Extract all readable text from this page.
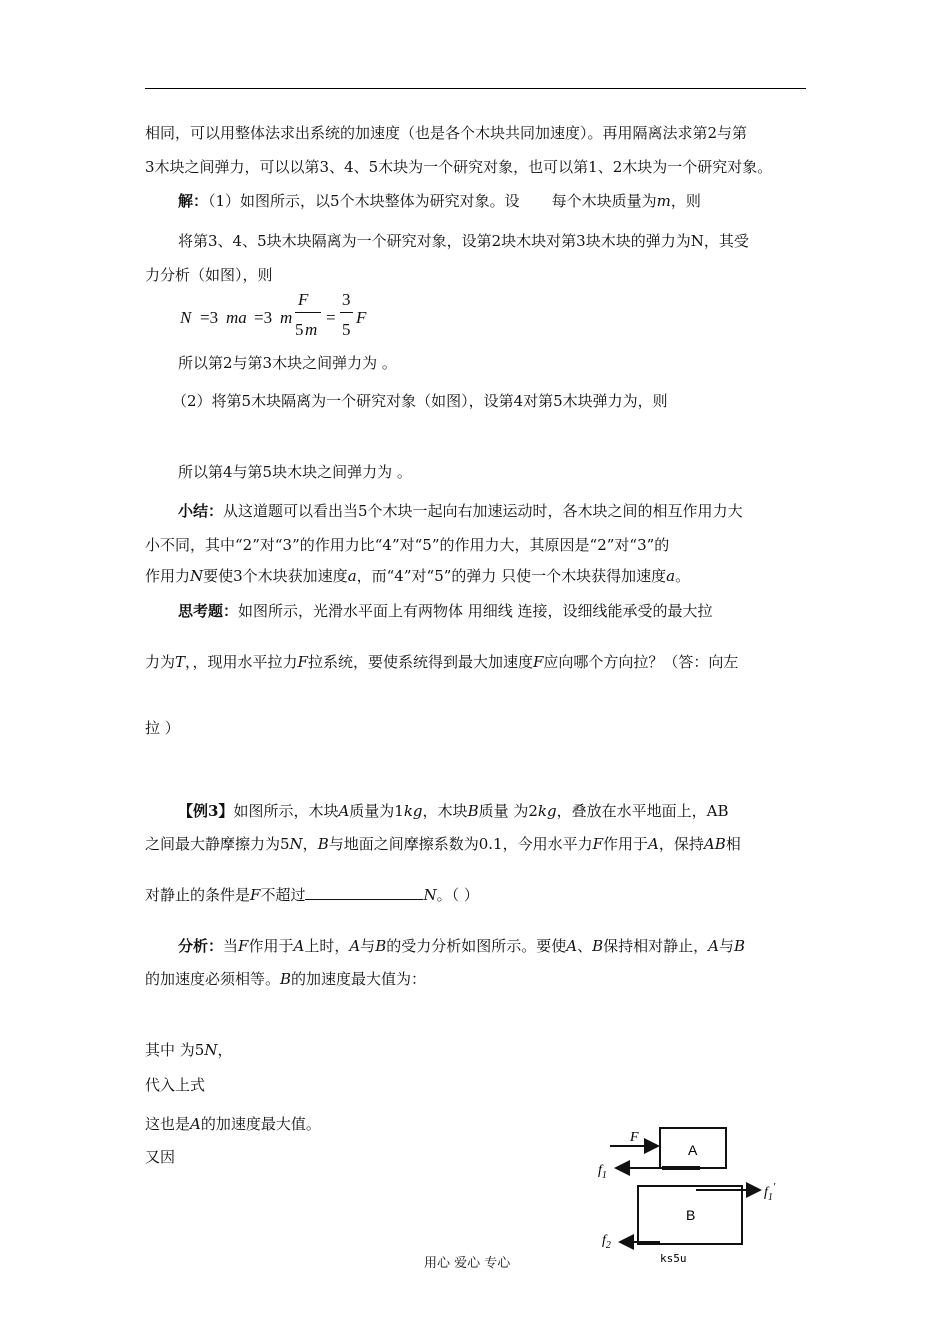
相同，可以用整体法求出系统的加速度（也是各个木块共同加速度）。再用隔离法求第2与第
3木块之间弹力，可以以第3、4、5木块为一个研究对象，也可以第1、2木块为一个研究对象。
解：（1）如图所示，以5个木块整体为研究对象。设 每个木块质量为m，则
将第3、4、5块木块隔离为一个研究对象，设第2块木块对第3块木块的弹力为N，其受
力分析（如图），则
N =3 ma =3 m
F
5 m
=
3
5
F
所以第2与第3木块之间弹力为 。
（2）将第5木块隔离为一个研究对象（如图），设第4对第5木块弹力为，则
所以第4与第5块木块之间弹力为 。
小结：从这道题可以看出当5个木块一起向右加速运动时，各木块之间的相互作用力大
小不同，其中“2”对“3”的作用力比“4”对“5”的作用力大，其原因是“2”对“3”的
作用力N要使3个木块获加速度a，而“4”对“5”的弹力 只使一个木块获得加速度a。
思考题：如图所示，光滑水平面上有两物体 用细线 连接，设细线能承受的最大拉
力为T，，现用水平拉力F拉系统，要使系统得到最大加速度F应向哪个方向拉？（答：向左
拉 ）
【例3】如图所示，木块A质量为1kg，木块B质量 为2kg，叠放在水平地面上，AB
之间最大静摩擦力为5N，B与地面之间摩擦系数为0.1，今用水平力F作用于A，保持AB相
对静止的条件是F不超过	N。（ ）
分析：当F作用于A上时，A与B的受力分析如图所示。要使A、B保持相对静止，A与B
的加速度必须相等。B的加速度最大值为：
其中 为5N，
代入上式
这也是A的加速度最大值。
又因	A
F
$f_1$
B
$f_1'$
$f_2$
ks5u
用心 爱心 专心
